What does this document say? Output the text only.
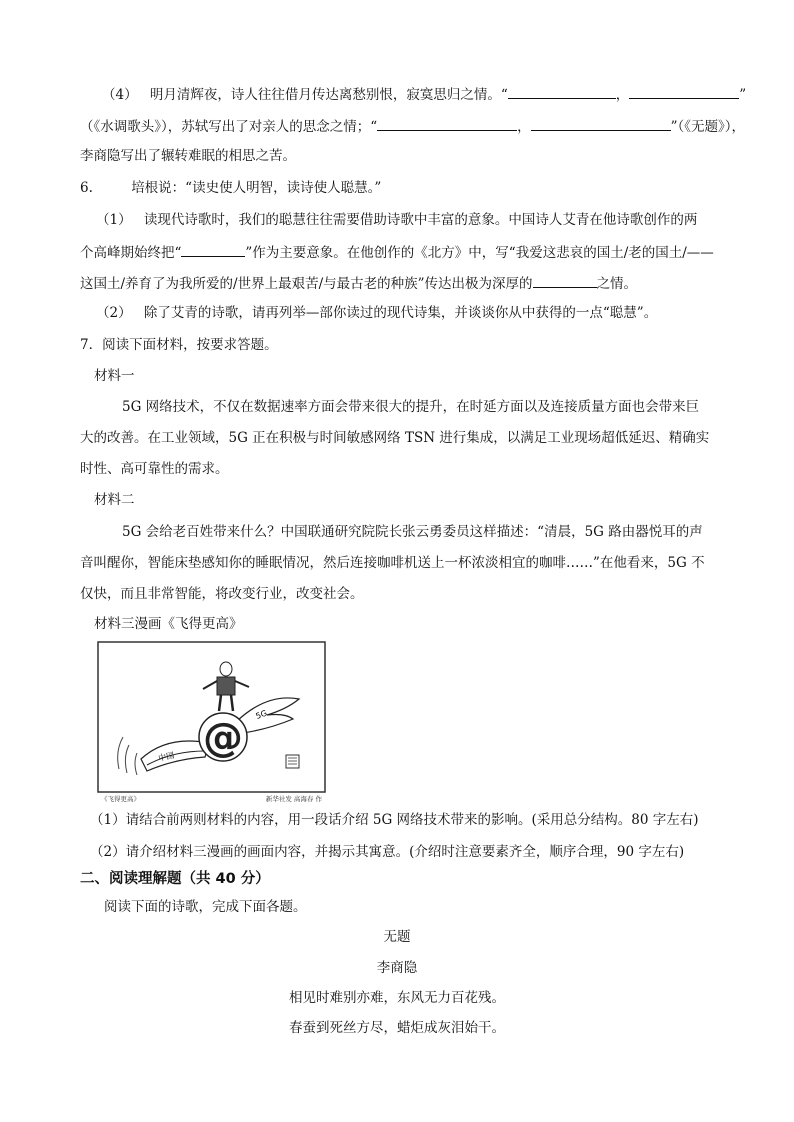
（4） 明月清辉夜，诗人往往借月传达离愁别恨，寂寞思归之情。“	，	”
（《水调歌头》），苏轼写出了对亲人的思念之情；“	，	”（《无题》），
李商隐写出了辗转难眠的相思之苦。
6.	培根说：“读史使人明智，读诗使人聪慧。”
（1） 读现代诗歌时，我们的聪慧往往需要借助诗歌中丰富的意象。中国诗人艾青在他诗歌创作的两
个高峰期始终把“	”作为主要意象。在他创作的《北方》中，写“我爱这悲哀的国土/老的国土/——
这国土/养育了为我所爱的/世界上最艰苦/与最古老的种族”传达出极为深厚的	之情。
（2） 除了艾青的诗歌，请再列举—部你读过的现代诗集，并谈谈你从中获得的一点“聪慧”。
7．阅读下面材料，按要求答题。
材料一
5G 网络技术，不仅在数据速率方面会带来很大的提升，在时延方面以及连接质量方面也会带来巨
大的改善。在工业领域，5G 正在积极与时间敏感网络 TSN 进行集成，以满足工业现场超低延迟、精确实
时性、高可靠性的需求。
材料二
5G 会给老百姓带来什么？中国联通研究院院长张云勇委员这样描述：“清晨，5G 路由器悦耳的声
音叫醒你，智能床垫感知你的睡眠情况，然后连接咖啡机送上一杯浓淡相宜的咖啡……”在他看来，5G 不
仅快，而且非常智能，将改变行业，改变社会。
材料三漫画《飞得更高》
中国
5G
@
《飞得更高》	新华社发 高海春 作
（1）请结合前两则材料的内容，用一段话介绍 5G 网络技术带来的影响。(采用总分结构。80 字左右)
（2）请介绍材料三漫画的画面内容，并揭示其寓意。(介绍时注意要素齐全，顺序合理，90 字左右)
二、阅读理解题（共 40 分）
阅读下面的诗歌，完成下面各题。
无题
李商隐
相见时难别亦难，东风无力百花残。
春蚕到死丝方尽，蜡炬成灰泪始干。
